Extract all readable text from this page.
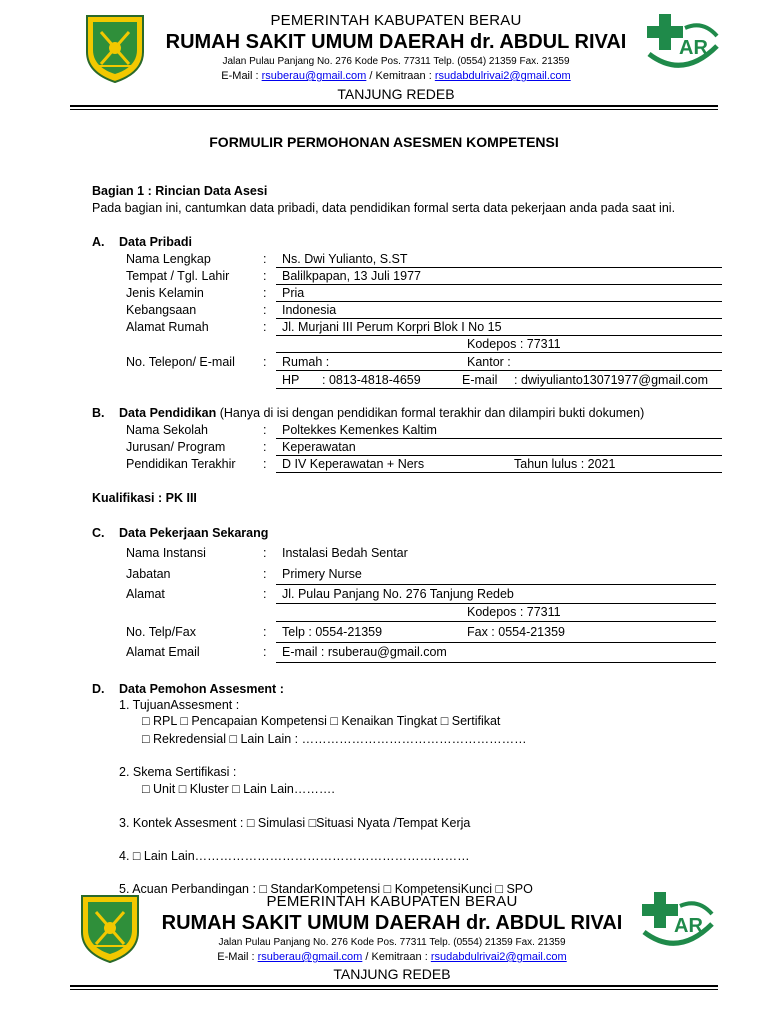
PEMERINTAH KABUPATEN BERAU
RUMAH SAKIT UMUM DAERAH dr. ABDUL RIVAI
Jalan Pulau Panjang No. 276 Kode Pos. 77311 Telp. (0554) 21359 Fax. 21359
E-Mail : rsuberau@gmail.com / Kemitraan : rsudabdulrivai2@gmail.com
TANJUNG REDEB
AR
FORMULIR PERMOHONAN ASESMEN KOMPETENSI
Bagian 1 : Rincian Data Asesi
Pada bagian ini, cantumkan data pribadi, data pendidikan formal serta data pekerjaan anda pada saat ini.
A. Data Pribadi
Nama Lengkap	: Ns. Dwi Yulianto, S.ST
Tempat / Tgl. Lahir	: Balilkpapan, 13 Juli 1977
Jenis Kelamin	: Pria
Kebangsaan	: Indonesia
Alamat Rumah	: Jl. Murjani III Perum Korpri Blok I No 15
Kodepos : 77311
No. Telepon/ E-mail : Rumah :	Kantor :
HP : 0813-4818-4659	E-mail : dwiyulianto13071977@gmail.com
B. Data Pendidikan (Hanya di isi dengan pendidikan formal terakhir dan dilampiri bukti dokumen)
Nama Sekolah	: Poltekkes Kemenkes Kaltim
Jurusan/ Program	: Keperawatan
Pendidikan Terakhir : D IV Keperawatan + Ners	Tahun lulus : 2021
Kualifikasi : PK III
C. Data Pekerjaan Sekarang
Nama Instansi	: Instalasi Bedah Sentar
Jabatan	: Primery Nurse
Alamat	: Jl. Pulau Panjang No. 276 Tanjung Redeb
Kodepos : 77311
No. Telp/Fax	: Telp : 0554-21359	Fax : 0554-21359
Alamat Email	: E-mail : rsuberau@gmail.com
D. Data Pemohon Assesment :
1. TujuanAssesment :
□ RPL □ Pencapaian Kompetensi □ Kenaikan Tingkat □ Sertifikat
□ Rekredensial □ Lain Lain : ………………………………………………
2. Skema Sertifikasi :
□ Unit □ Kluster □ Lain Lain……….
3. Kontek Assesment : □ Simulasi □Situasi Nyata /Tempat Kerja
4. □ Lain Lain…………………………………………………………
5. Acuan Perbandingan : □ StandarKompetensi □ KompetensiKunci □ SPO
PEMERINTAH KABUPATEN BERAU
RUMAH SAKIT UMUM DAERAH dr. ABDUL RIVAI
Jalan Pulau Panjang No. 276 Kode Pos. 77311 Telp. (0554) 21359 Fax. 21359
E-Mail : rsuberau@gmail.com / Kemitraan : rsudabdulrivai2@gmail.com
TANJUNG REDEB
AR
